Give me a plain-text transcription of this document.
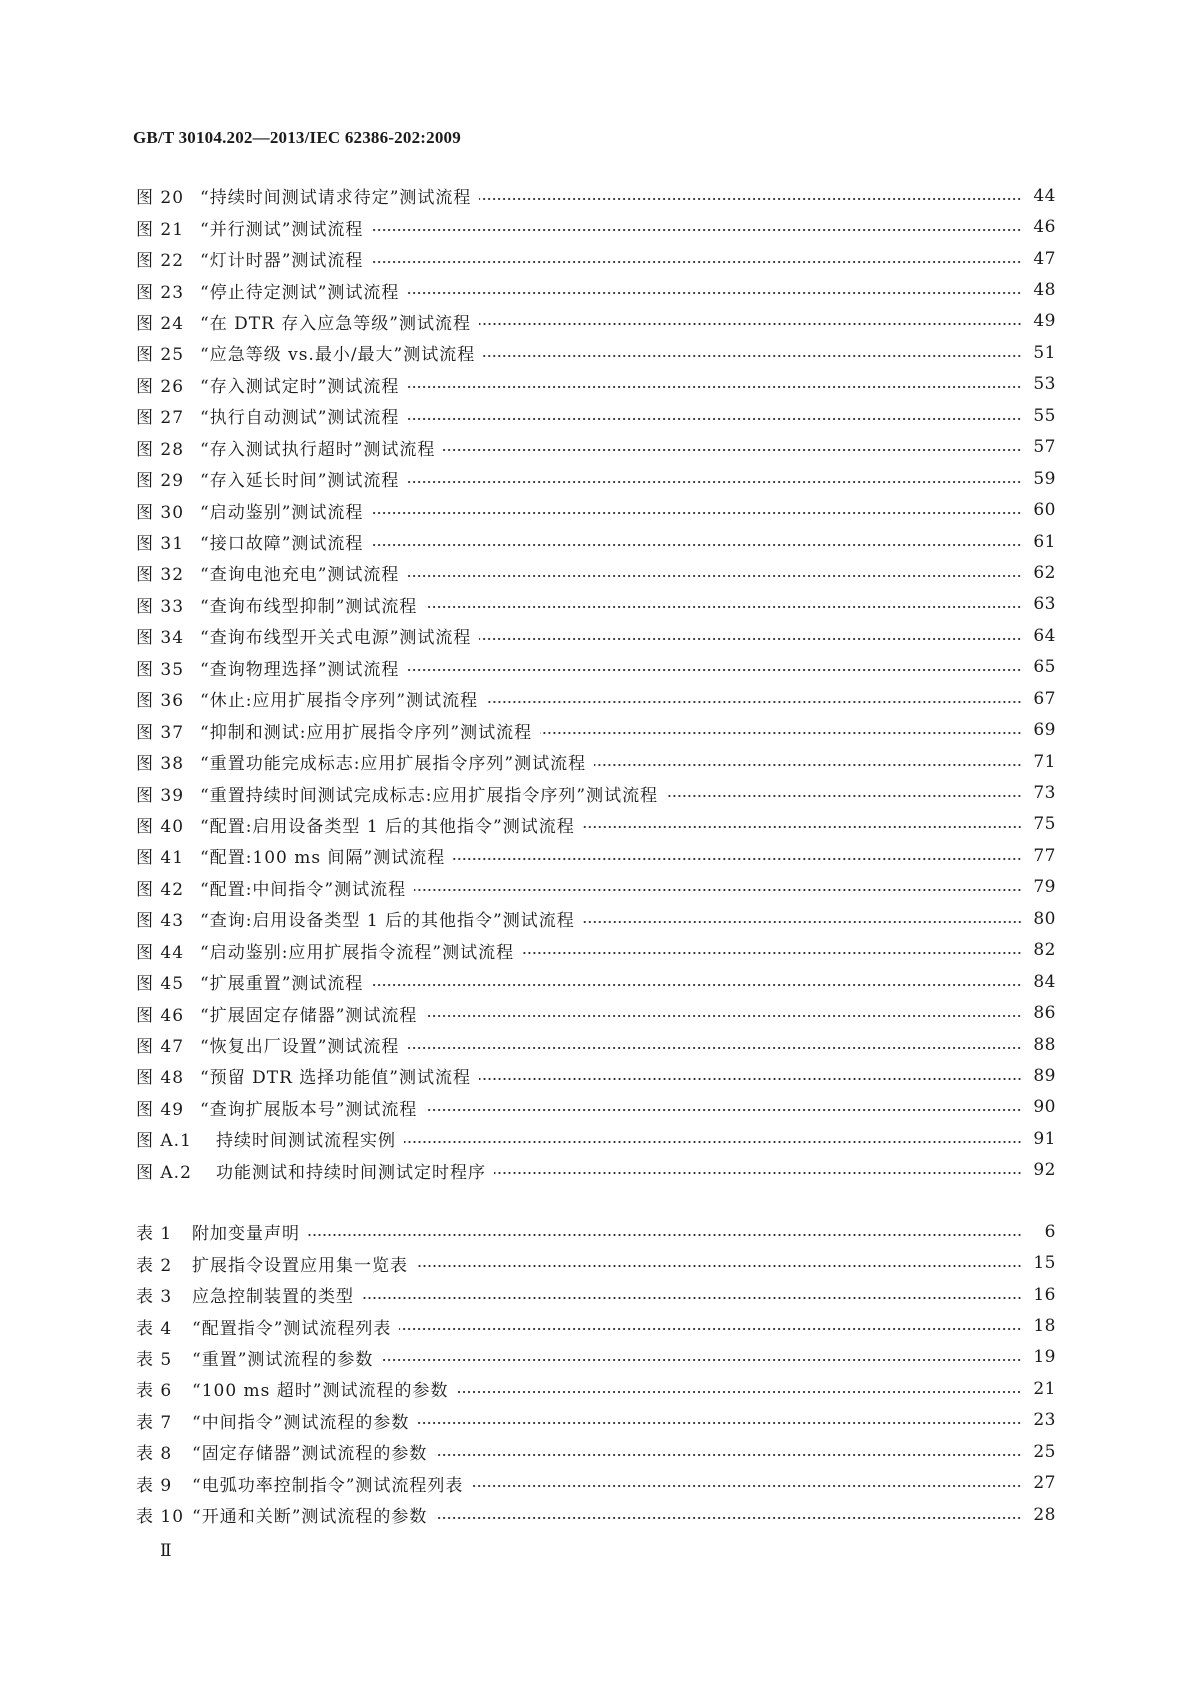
GB/T 30104.202—2013/IEC 62386-202:2009
图 20 “持续时间测试请求待定”测试流程	44
图 21 “并行测试”测试流程	46
图 22 “灯计时器”测试流程	47
图 23 “停止待定测试”测试流程	48
图 24 “在 DTR 存入应急等级”测试流程	49
图 25 “应急等级 vs.最小/最大”测试流程	51
图 26 “存入测试定时”测试流程	53
图 27 “执行自动测试”测试流程	55
图 28 “存入测试执行超时”测试流程	57
图 29 “存入延长时间”测试流程	59
图 30 “启动鉴别”测试流程	60
图 31 “接口故障”测试流程	61
图 32 “查询电池充电”测试流程	62
图 33 “查询布线型抑制”测试流程	63
图 34 “查询布线型开关式电源”测试流程	64
图 35 “查询物理选择”测试流程	65
图 36 “休止:应用扩展指令序列”测试流程	67
图 37 “抑制和测试:应用扩展指令序列”测试流程	69
图 38 “重置功能完成标志:应用扩展指令序列”测试流程	71
图 39 “重置持续时间测试完成标志:应用扩展指令序列”测试流程	73
图 40 “配置:启用设备类型 1 后的其他指令”测试流程	75
图 41 “配置:100 ms 间隔”测试流程	77
图 42 “配置:中间指令”测试流程	79
图 43 “查询:启用设备类型 1 后的其他指令”测试流程	80
图 44 “启动鉴别:应用扩展指令流程”测试流程	82
图 45 “扩展重置”测试流程	84
图 46 “扩展固定存储器”测试流程	86
图 47 “恢复出厂设置”测试流程	88
图 48 “预留 DTR 选择功能值”测试流程	89
图 49 “查询扩展版本号”测试流程	90
图 A.1	持续时间测试流程实例	91
图 A.2	功能测试和持续时间测试定时程序	92
表 1	附加变量声明	6
表 2	扩展指令设置应用集一览表	15
表 3	应急控制装置的类型	16
表 4	“配置指令”测试流程列表	18
表 5	“重置”测试流程的参数	19
表 6	“100 ms 超时”测试流程的参数	21
表 7	“中间指令”测试流程的参数	23
表 8	“固定存储器”测试流程的参数	25
表 9	“电弧功率控制指令”测试流程列表	27
表 10 “开通和关断”测试流程的参数	28
Ⅱ
